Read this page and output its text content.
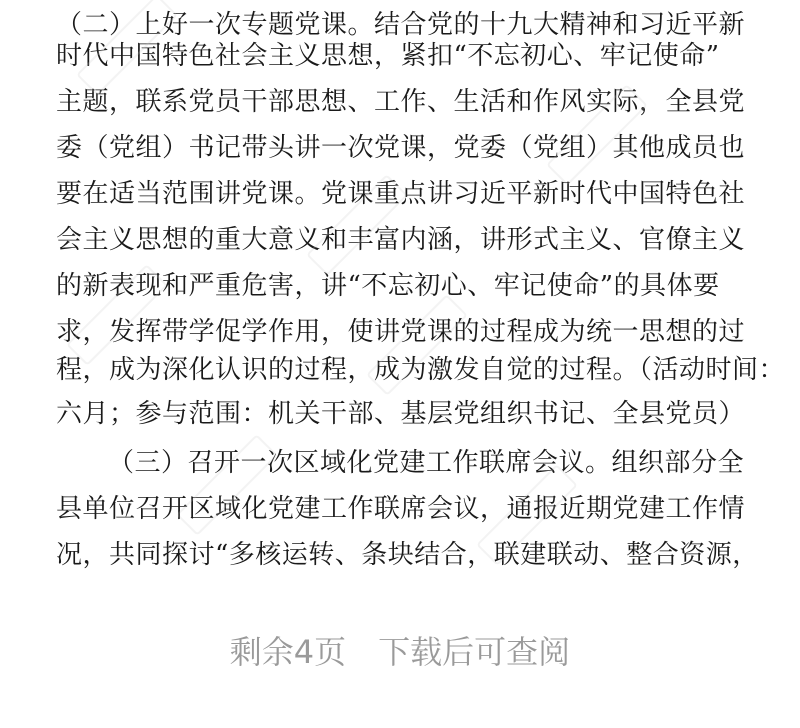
（二）上好一次专题党课。结合党的十九大精神和习近平新
时代中国特色社会主义思想，紧扣“不忘初心、牢记使命”
主题，联系党员干部思想、工作、生活和作风实际，全县党
委（党组）书记带头讲一次党课，党委（党组）其他成员也
要在适当范围讲党课。党课重点讲习近平新时代中国特色社
会主义思想的重大意义和丰富内涵，讲形式主义、官僚主义
的新表现和严重危害，讲“不忘初心、牢记使命”的具体要
求，发挥带学促学作用，使讲党课的过程成为统一思想的过
程，成为深化认识的过程，成为激发自觉的过程。（活动时间：
六月；参与范围：机关干部、基层党组织书记、全县党员）
（三）召开一次区域化党建工作联席会议。组织部分全
县单位召开区域化党建工作联席会议，通报近期党建工作情
况，共同探讨“多核运转、条块结合，联建联动、整合资源，
剩余4页 下载后可查阅
